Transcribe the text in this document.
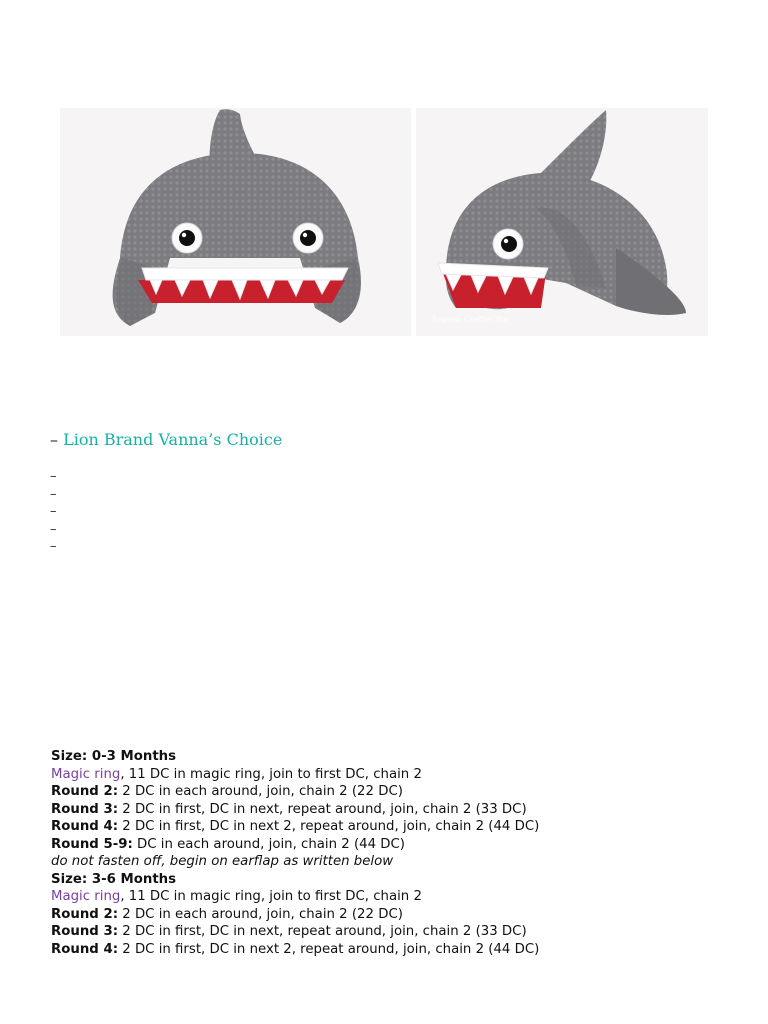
Repeat Crafter Me
– Lion Brand Vanna’s Choice
–
–
–
–
–
Size: 0-3 Months
Magic ring, 11 DC in magic ring, join to first DC, chain 2
Round 2: 2 DC in each around, join, chain 2 (22 DC)
Round 3: 2 DC in first, DC in next, repeat around, join, chain 2 (33 DC)
Round 4: 2 DC in first, DC in next 2, repeat around, join, chain 2 (44 DC)
Round 5-9: DC in each around, join, chain 2 (44 DC)
do not fasten off, begin on earflap as written below
Size: 3-6 Months
Magic ring, 11 DC in magic ring, join to first DC, chain 2
Round 2: 2 DC in each around, join, chain 2 (22 DC)
Round 3: 2 DC in first, DC in next, repeat around, join, chain 2 (33 DC)
Round 4: 2 DC in first, DC in next 2, repeat around, join, chain 2 (44 DC)
